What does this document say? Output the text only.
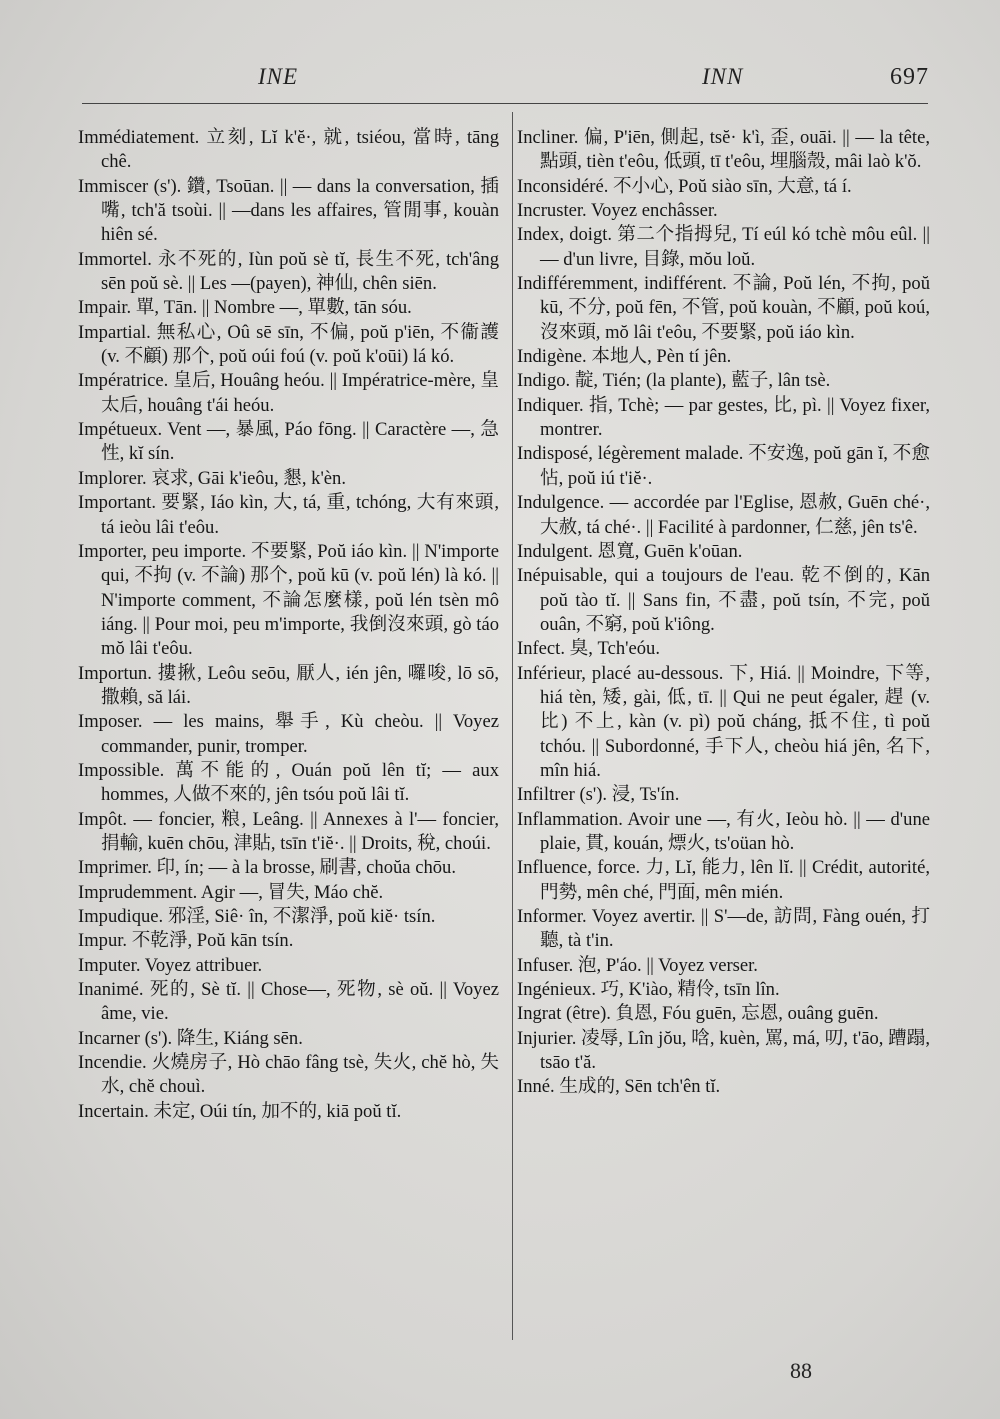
INE	INN	697

Immédiatement. 立刻, Lĭ k'ĕ·, 就, tsiéou, 當時, tāng chê.

Immiscer (s'). 鑽, Tsoūan. || — dans la conversation, 插嘴, tch'ă tsoùi. || —dans les affaires, 管閒事, kouàn hiên sé.

Immortel. 永不死的, Iùn poŭ sè tĭ, 長生不死, tch'âng sēn poŭ sè. || Les —(payen), 神仙, chên siēn.

Impair. 單, Tān. || Nombre —, 單數, tān sóu.

Impartial. 無私心, Oû sē sīn, 不偏, poŭ p'iēn, 不衞護 (v. 不顧) 那个, poŭ oúi foú (v. poŭ k'oūi) lá kó.

Impératrice. 皇后, Houâng heóu. || Impératrice-mère, 皇太后, houâng t'ái heóu.

Impétueux. Vent —, 暴風, Páo fōng. || Caractère —, 急性, kĭ sín.

Implorer. 哀求, Gāi k'ieôu, 懇, k'èn.

Important. 要緊, Iáo kìn, 大, tá, 重, tchóng, 大有來頭, tá ieòu lâi t'eôu.

Importer, peu importe. 不要緊, Poŭ iáo kìn. || N'importe qui, 不拘 (v. 不論) 那个, poŭ kū (v. poŭ lén) là kó. || N'importe comment, 不論怎麼樣, poŭ lén tsèn mô iáng. || Pour moi, peu m'importe, 我倒沒來頭, gò táo mŏ lâi t'eôu.

Importun. 摟揪, Leôu seōu, 厭人, ién jên, 囉唆, lō sō, 撒賴, să lái.

Imposer. — les mains, 舉手, Kù cheòu. || Voyez commander, punir, tromper.

Impossible. 萬不能的, Ouán poŭ lên tĭ; — aux hommes, 人做不來的, jên tsóu poŭ lâi tĭ.

Impôt. — foncier, 粮, Leâng. || Annexes à l'— foncier, 捐輸, kuēn chōu, 津貼, tsīn t'iĕ·. || Droits, 稅, choúi.

Imprimer. 印, ín; — à la brosse, 刷書, choŭa chōu.

Imprudemment. Agir —, 冒失, Máo chĕ.

Impudique. 邪淫, Siê· în, 不潔淨, poŭ kiĕ· tsín.

Impur. 不乾淨, Poŭ kān tsín.

Imputer. Voyez attribuer.

Inanimé. 死的, Sè tĭ. || Chose—, 死物, sè oŭ. || Voyez âme, vie.

Incarner (s'). 降生, Kiáng sēn.

Incendie. 火燒房子, Hò chāo fâng tsè, 失火, chĕ hò, 失水, chĕ chouì.

Incertain. 未定, Oúi tín, 加不的, kiā poŭ tĭ.

Incliner. 偏, P'iēn, 側起, tsĕ· k'ì, 歪, ouāi. || — la tête, 點頭, tièn t'eôu, 低頭, tī t'eôu, 埋腦殼, mâi laò k'ŏ.

Inconsidéré. 不小心, Poŭ siào sīn, 大意, tá í.

Incruster. Voyez enchâsser.

Index, doigt. 第二个指拇兒, Tí eúl kó tchè môu eûl. || — d'un livre, 目錄, mŏu loŭ.

Indifféremment, indifférent. 不論, Poŭ lén, 不拘, poŭ kū, 不分, poŭ fēn, 不管, poŭ kouàn, 不顧, poŭ koú, 沒來頭, mŏ lâi t'eôu, 不要緊, poŭ iáo kìn.

Indigène. 本地人, Pèn tí jên.

Indigo. 靛, Tién; (la plante), 藍子, lân tsè.

Indiquer. 指, Tchè; — par gestes, 比, pì. || Voyez fixer, montrer.

Indisposé, légèrement malade. 不安逸, poŭ gān ĭ, 不愈怗, poŭ iú t'iĕ·.

Indulgence. — accordée par l'Eglise, 恩赦, Guēn ché·, 大赦, tá ché·. || Facilité à pardonner, 仁慈, jên ts'ê.

Indulgent. 恩寬, Guēn k'oūan.

Inépuisable, qui a toujours de l'eau. 乾不倒的, Kān poŭ tào tĭ. || Sans fin, 不盡, poŭ tsín, 不完, poŭ ouân, 不窮, poŭ k'iông.

Infect. 臭, Tch'eóu.

Inférieur, placé au-dessous. 下, Hiá. || Moindre, 下等, hiá tèn, 矮, gài, 低, tī. || Qui ne peut égaler, 趕 (v. 比) 不上, kàn (v. pì) poŭ cháng, 抵不住, tì poŭ tchóu. || Subordonné, 手下人, cheòu hiá jên, 名下, mîn hiá.

Infiltrer (s'). 浸, Ts'ín.

Inflammation. Avoir une —, 有火, Ieòu hò. || — d'une plaie, 貫, kouán, 熛火, ts'oüan hò.

Influence, force. 力, Lĭ, 能力, lên lĭ. || Crédit, autorité, 門勢, mên ché, 門面, mên mién.

Informer. Voyez avertir. || S'—de, 訪問, Fàng ouén, 打聽, tà t'in.

Infuser. 泡, P'áo. || Voyez verser.

Ingénieux. 巧, K'iào, 精伶, tsīn lîn.

Ingrat (être). 負恩, Fóu guēn, 忘恩, ouâng guēn.

Injurier. 凌辱, Lîn jŏu, 唅, kuèn, 罵, má, 叨, t'āo, 蹧蹋, tsāo t'ă.

Inné. 生成的, Sēn tch'ên tĭ.

88
